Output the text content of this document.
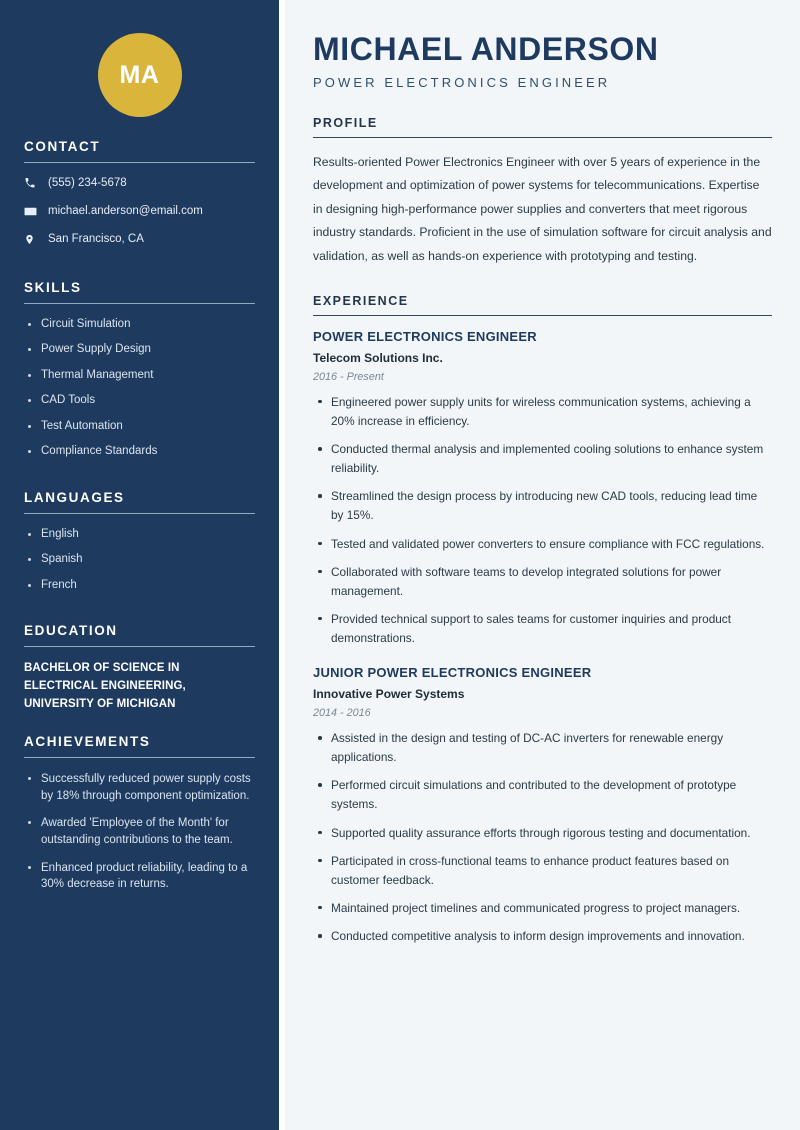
MA
CONTACT
(555) 234-5678
michael.anderson@email.com
San Francisco, CA
SKILLS
Circuit Simulation
Power Supply Design
Thermal Management
CAD Tools
Test Automation
Compliance Standards
LANGUAGES
English
Spanish
French
EDUCATION
BACHELOR OF SCIENCE IN ELECTRICAL ENGINEERING, UNIVERSITY OF MICHIGAN
ACHIEVEMENTS
Successfully reduced power supply costs by 18% through component optimization.
Awarded 'Employee of the Month' for outstanding contributions to the team.
Enhanced product reliability, leading to a 30% decrease in returns.
MICHAEL ANDERSON
POWER ELECTRONICS ENGINEER
PROFILE

Results-oriented Power Electronics Engineer with over 5 years of experience in the development and optimization of power systems for telecommunications. Expertise in designing high-performance power supplies and converters that meet rigorous industry standards. Proficient in the use of simulation software for circuit analysis and validation, as well as hands-on experience with prototyping and testing.

EXPERIENCE
POWER ELECTRONICS ENGINEER
Telecom Solutions Inc.
2016 - Present
Engineered power supply units for wireless communication systems, achieving a 20% increase in efficiency.
Conducted thermal analysis and implemented cooling solutions to enhance system reliability.
Streamlined the design process by introducing new CAD tools, reducing lead time by 15%.
Tested and validated power converters to ensure compliance with FCC regulations.
Collaborated with software teams to develop integrated solutions for power management.
Provided technical support to sales teams for customer inquiries and product demonstrations.
JUNIOR POWER ELECTRONICS ENGINEER
Innovative Power Systems
2014 - 2016
Assisted in the design and testing of DC-AC inverters for renewable energy applications.
Performed circuit simulations and contributed to the development of prototype systems.
Supported quality assurance efforts through rigorous testing and documentation.
Participated in cross-functional teams to enhance product features based on customer feedback.
Maintained project timelines and communicated progress to project managers.
Conducted competitive analysis to inform design improvements and innovation.
